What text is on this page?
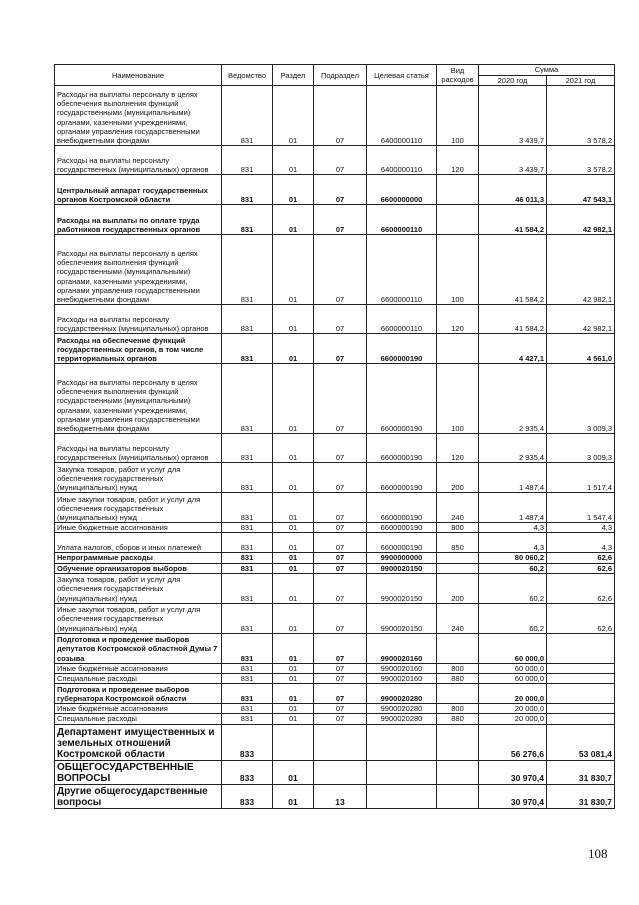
Наименование	Ведомство	Раздел	Подраздел	Целевая статья	Вид расходов	Сумма	
						2020 год	2021 год
Расходы на выплаты персоналу в целях обеспечения выполнения функций государственными (муниципальными) органами, казенными учреждениями, органами управления государственными внебюджетными фондами	831	01	07	6400000110	100	3 439,7	3 578,2
Расходы на выплаты персоналу государственных (муниципальных) органов	831	01	07	6400000110	120	3 439,7	3 578,2
Центральный аппарат государственных органов Костромской области	831	01	07	6600000000		46 011,3	47 543,1
Расходы на выплаты по оплате труда работников государственных органов	831	01	07	6600000110		41 584,2	42 982,1
Расходы на выплаты персоналу в целях обеспечения выполнения функций государственными (муниципальными) органами, казенными учреждениями, органами управления государственными внебюджетными фондами	831	01	07	6600000110	100	41 584,2	42 982,1
Расходы на выплаты персоналу государственных (муниципальных) органов	831	01	07	6600000110	120	41 584,2	42 982,1
Расходы на обеспечение функций государственных органов, в том числе территориальных органов	831	01	07	6600000190		4 427,1	4 561,0
Расходы на выплаты персоналу в целях обеспечения выполнения функций государственными (муниципальными) органами, казенными учреждениями, органами управления государственными внебюджетными фондами	831	01	07	6600000190	100	2 935,4	3 009,3
Расходы на выплаты персоналу государственных (муниципальных) органов	831	01	07	6600000190	120	2 935,4	3 009,3
Закупка товаров, работ и услуг для обеспечения государственных (муниципальных) нужд	831	01	07	6600000190	200	1 487,4	1 517,4
Иные закупки товаров, работ и услуг для обеспечения государственных (муниципальных) нужд	831	01	07	6600000190	240	1 487,4	1 547,4
Иные бюджетные ассигнования	831	01	07	6600000190	800	4,3	4,3
Уплата налогов, сборов и иных платежей	831	01	07	6600000190	850	4,3	4,3
Непрограммные расходы	831	01	07	9900000000		80 060,2	62,6
Обучение организаторов выборов	831	01	07	9900020150		60,2	62,6
Закупка товаров, работ и услуг для обеспечения государственных (муниципальных) нужд	831	01	07	9900020150	200	60,2	62,6
Иные закупки товаров, работ и услуг для обеспечения государственных (муниципальных) нужд	831	01	07	9900020150	240	60,2	62,6
Подготовка и проведение выборов депутатов Костромской областной Думы 7 созыва	831	01	07	9900020160		60 000,0	
Иные бюджетные ассигнования	831	01	07	9900020160	800	60 000,0	
Специальные расходы	831	01	07	9900020160	880	60 000,0	
Подготовка и проведение выборов губернатора Костромской области	831	01	07	9900020280		20 000,0	
Иные бюджетные ассигнования	831	01	07	9900020280	800	20 000,0	
Специальные расходы	831	01	07	9900020280	880	20 000,0	
Департамент имущественных и земельных отношений Костромской области	833					56 276,6	53 081,4
ОБЩЕГОСУДАРСТВЕННЫЕ ВОПРОСЫ	833	01				30 970,4	31 830,7
Другие общегосударственные вопросы	833	01	13			30 970,4	31 830,7
108
